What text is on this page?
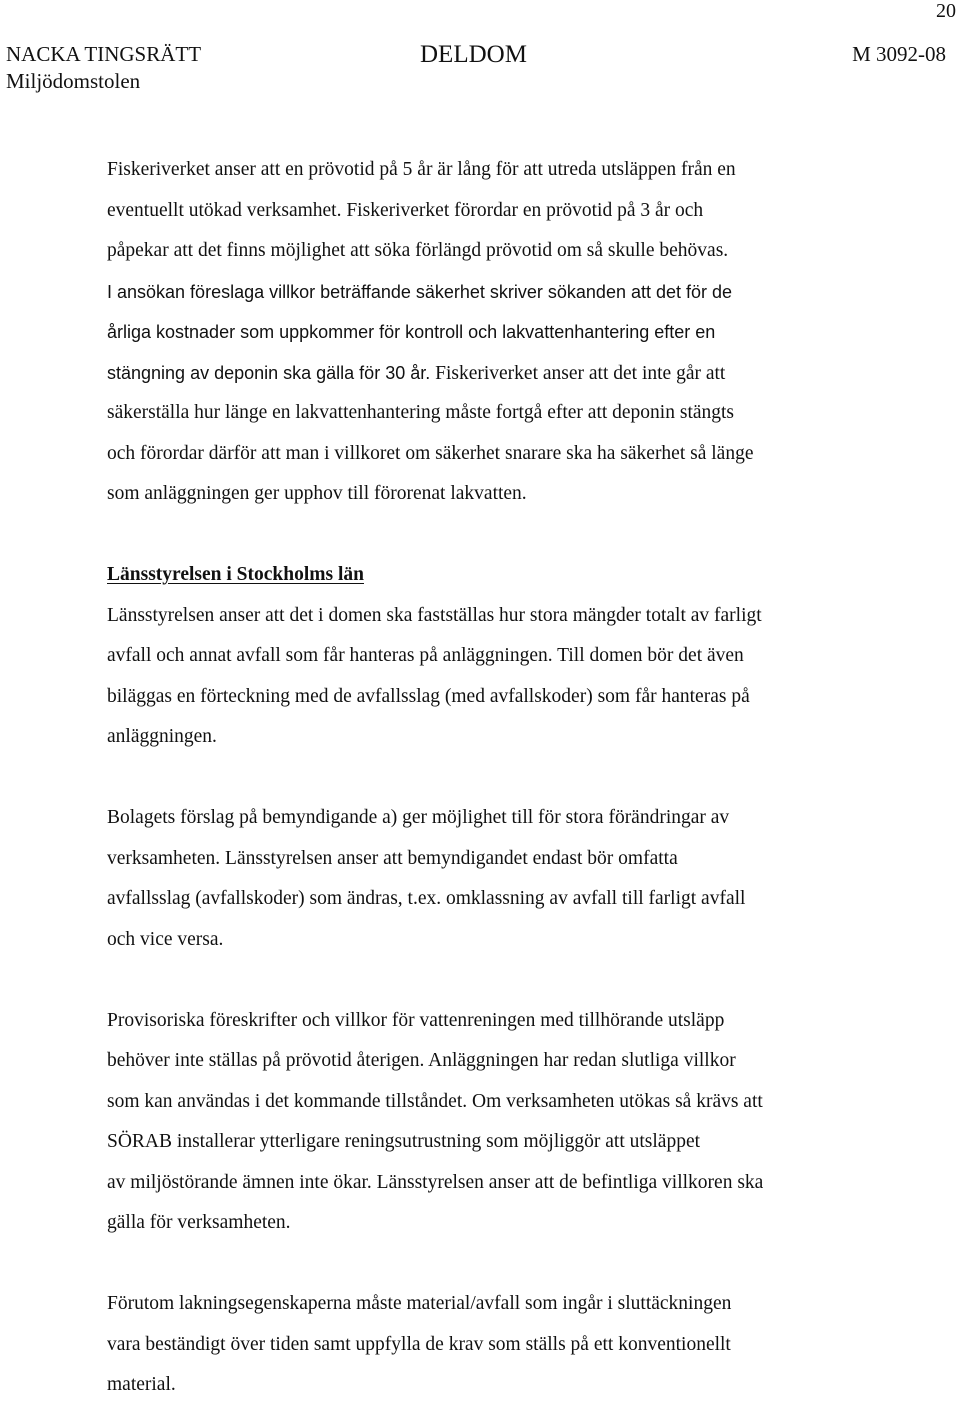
20
NACKA TINGSRÄTT
Miljödomstolen
DELDOM	M 3092-08
Fiskeriverket anser att en prövotid på 5 år är lång för att utreda utsläppen från en
eventuellt utökad verksamhet. Fiskeriverket förordar en prövotid på 3 år och
påpekar att det finns möjlighet att söka förlängd prövotid om så skulle behövas.
I ansökan föreslaga villkor beträffande säkerhet skriver sökanden att det för de
årliga kostnader som uppkommer för kontroll och lakvattenhantering efter en
stängning av deponin ska gälla för 30 år. Fiskeriverket anser att det inte går att
säkerställa hur länge en lakvattenhantering måste fortgå efter att deponin stängts
och förordar därför att man i villkoret om säkerhet snarare ska ha säkerhet så länge
som anläggningen ger upphov till förorenat lakvatten.
Länsstyrelsen i Stockholms län
Länsstyrelsen anser att det i domen ska fastställas hur stora mängder totalt av farligt
avfall och annat avfall som får hanteras på anläggningen. Till domen bör det även
biläggas en förteckning med de avfallsslag (med avfallskoder) som får hanteras på
anläggningen.
Bolagets förslag på bemyndigande a) ger möjlighet till för stora förändringar av
verksamheten. Länsstyrelsen anser att bemyndigandet endast bör omfatta
avfallsslag (avfallskoder) som ändras, t.ex. omklassning av avfall till farligt avfall
och vice versa.
Provisoriska föreskrifter och villkor för vattenreningen med tillhörande utsläpp
behöver inte ställas på prövotid återigen. Anläggningen har redan slutliga villkor
som kan användas i det kommande tillståndet. Om verksamheten utökas så krävs att
SÖRAB installerar ytterligare reningsutrustning som möjliggör att utsläppet
av miljöstörande ämnen inte ökar. Länsstyrelsen anser att de befintliga villkoren ska
gälla för verksamheten.
Förutom lakningsegenskaperna måste material/avfall som ingår i sluttäckningen
vara beständigt över tiden samt uppfylla de krav som ställs på ett konventionellt
material.
